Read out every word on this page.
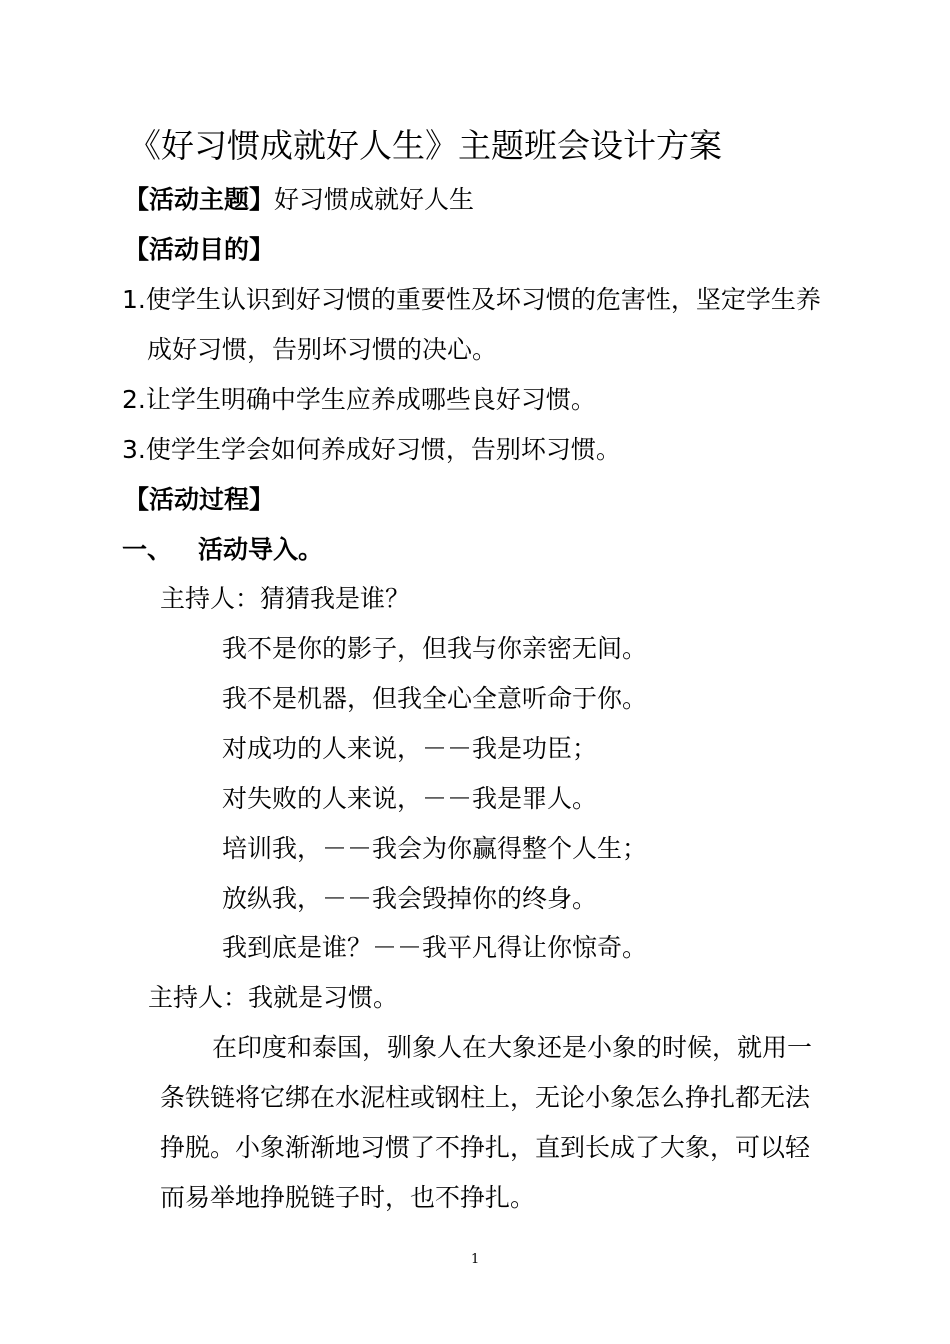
《好习惯成就好人生》主题班会设计方案
【活动主题】好习惯成就好人生
【活动目的】
1.使学生认识到好习惯的重要性及坏习惯的危害性，坚定学生养
成好习惯，告别坏习惯的决心。
2.让学生明确中学生应养成哪些良好习惯。
3.使学生学会如何养成好习惯，告别坏习惯。
【活动过程】
一、 活动导入。
主持人：猜猜我是谁？
我不是你的影子，但我与你亲密无间。
我不是机器，但我全心全意听命于你。
对成功的人来说，－－我是功臣；
对失败的人来说，－－我是罪人。
培训我，－－我会为你赢得整个人生；
放纵我，－－我会毁掉你的终身。
我到底是谁？－－我平凡得让你惊奇。
主持人：我就是习惯。
在印度和泰国，驯象人在大象还是小象的时候，就用一
条铁链将它绑在水泥柱或钢柱上，无论小象怎么挣扎都无法
挣脱。小象渐渐地习惯了不挣扎，直到长成了大象，可以轻
而易举地挣脱链子时，也不挣扎。
1
